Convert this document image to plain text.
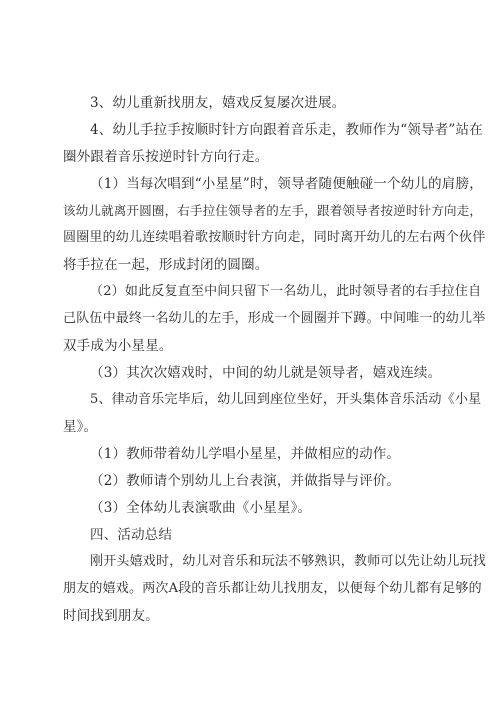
3、幼儿重新找朋友，嬉戏反复屡次进展。
4、幼儿手拉手按顺时针方向跟着音乐走，教师作为“领导者”站在
圈外跟着音乐按逆时针方向行走。
（1）当每次唱到“小星星”时，领导者随便触碰一个幼儿的肩膀，
该幼儿就离开圆圈，右手拉住领导者的左手，跟着领导者按逆时针方向走，
圆圈里的幼儿连续唱着歌按顺时针方向走，同时离开幼儿的左右两个伙伴
将手拉在一起，形成封闭的圆圈。
（2）如此反复直至中间只留下一名幼儿，此时领导者的右手拉住自
己队伍中最终一名幼儿的左手，形成一个圆圈并下蹲。中间唯一的幼儿举
双手成为小星星。
（3）其次次嬉戏时，中间的幼儿就是领导者，嬉戏连续。
5、律动音乐完毕后，幼儿回到座位坐好，开头集体音乐活动《小星
星》。
（1）教师带着幼儿学唱小星星，并做相应的动作。
（2）教师请个别幼儿上台表演，并做指导与评价。
（3）全体幼儿表演歌曲《小星星》。
四、活动总结
刚开头嬉戏时，幼儿对音乐和玩法不够熟识，教师可以先让幼儿玩找
朋友的嬉戏。两次A段的音乐都让幼儿找朋友，以便每个幼儿都有足够的
时间找到朋友。
